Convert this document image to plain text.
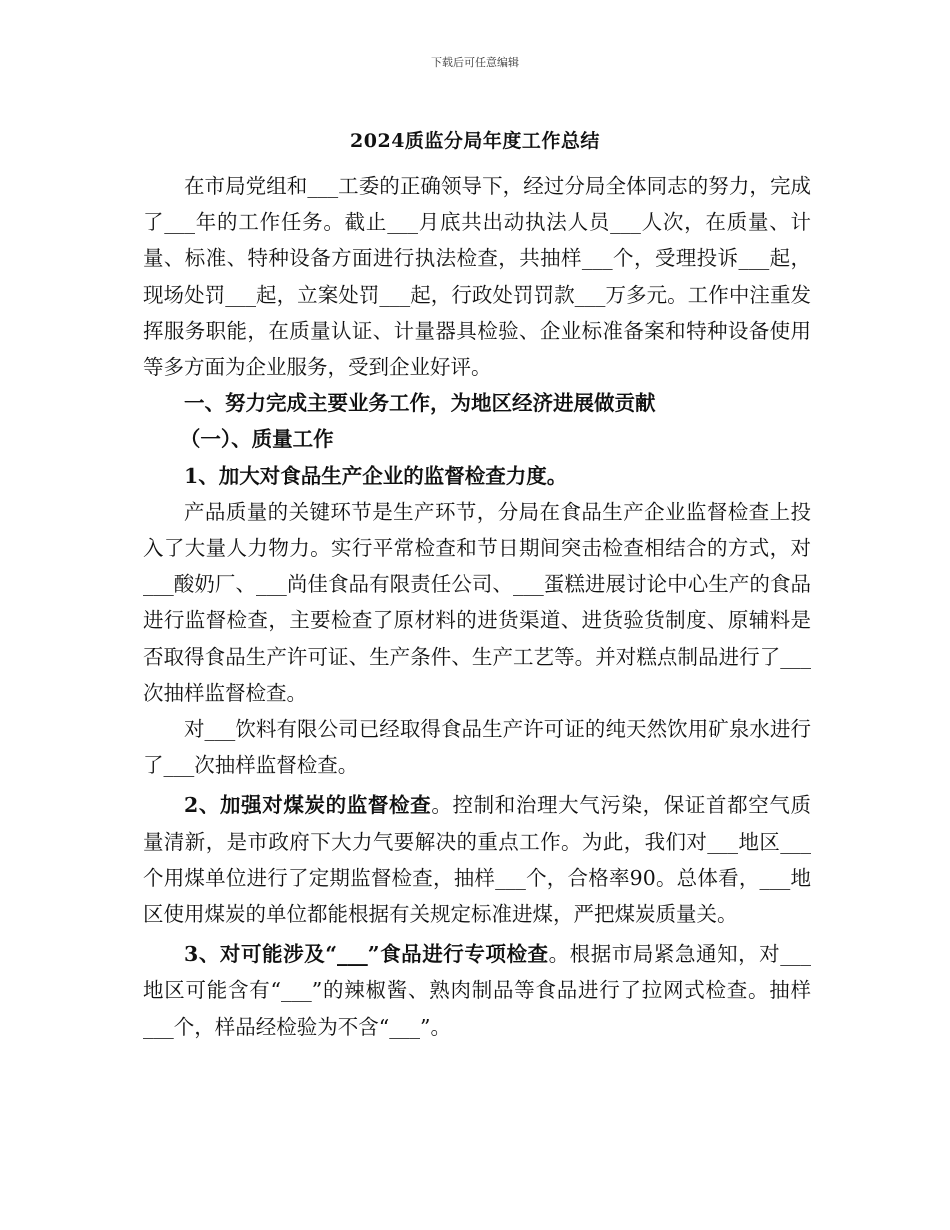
下载后可任意编辑
2024质监分局年度工作总结

在市局党组和___工委的正确领导下，经过分局全体同志的努力，完成了___年的工作任务。截止___月底共出动执法人员___人次，在质量、计量、标准、特种设备方面进行执法检查，共抽样___个，受理投诉___起，现场处罚___起，立案处罚___起，行政处罚罚款___万多元。工作中注重发挥服务职能，在质量认证、计量器具检验、企业标准备案和特种设备使用等多方面为企业服务，受到企业好评。

一、努力完成主要业务工作，为地区经济进展做贡献

（一）、质量工作

1、加大对食品生产企业的监督检查力度。

产品质量的关键环节是生产环节，分局在食品生产企业监督检查上投入了大量人力物力。实行平常检查和节日期间突击检查相结合的方式，对___酸奶厂、___尚佳食品有限责任公司、___蛋糕进展讨论中心生产的食品进行监督检查，主要检查了原材料的进货渠道、进货验货制度、原辅料是否取得食品生产许可证、生产条件、生产工艺等。并对糕点制品进行了___次抽样监督检查。

对___饮料有限公司已经取得食品生产许可证的纯天然饮用矿泉水进行了___次抽样监督检查。

2、加强对煤炭的监督检查。控制和治理大气污染，保证首都空气质量清新，是市政府下大力气要解决的重点工作。为此，我们对___地区___个用煤单位进行了定期监督检查，抽样___个，合格率90。总体看，___地区使用煤炭的单位都能根据有关规定标准进煤，严把煤炭质量关。

3、对可能涉及“___”食品进行专项检查。根据市局紧急通知，对___地区可能含有“___”的辣椒酱、熟肉制品等食品进行了拉网式检查。抽样___个，样品经检验为不含“___”。
